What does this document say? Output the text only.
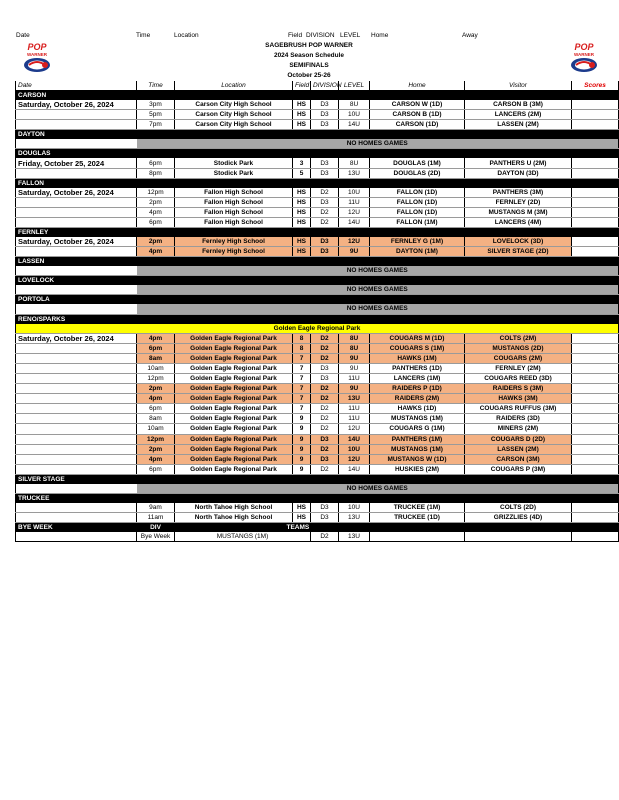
Date	Time	Location	Field DIVISION LEVEL Home	Away
SAGEBRUSH POP WARNER
2024 Season Schedule
SEMIFINALS
October 25-26
POP
WARNER
POP
WARNER
Date	Time	Location	Field	DIVISION	LEVEL	Home	Visitor	Scores
CARSON								
Saturday, October 26, 2024	3pm	Carson City High School	HS	D3	8U	CARSON W (1D)	CARSON B (3M)	
	5pm	Carson City High School	HS	D3	10U	CARSON B (1D)	LANCERS (2M)	
	7pm	Carson City High School	HS	D3	14U	CARSON (1D)	LASSEN (2M)	
DAYTON								
	NO HOMES GAMES							
DOUGLAS								
Friday, October 25, 2024	6pm	Stodick Park	3	D3	8U	DOUGLAS (1M)	PANTHERS U (2M)	
	8pm	Stodick Park	5	D3	13U	DOUGLAS (2D)	DAYTON (3D)	
FALLON								
Saturday, October 26, 2024	12pm	Fallon High School	HS	D2	10U	FALLON (1D)	PANTHERS (3M)	
	2pm	Fallon High School	HS	D3	11U	FALLON (1D)	FERNLEY (2D)	
	4pm	Fallon High School	HS	D2	12U	FALLON (1D)	MUSTANGS M (3M)	
	6pm	Fallon High School	HS	D2	14U	FALLON (1M)	LANCERS (4M)	
FERNLEY								
Saturday, October 26, 2024	2pm	Fernley High School	HS	D3	12U	FERNLEY G (1M)	LOVELOCK (3D)	
	4pm	Fernley High School	HS	D3	9U	DAYTON (1M)	SILVER STAGE (2D)	
LASSEN								
	NO HOMES GAMES							
LOVELOCK								
	NO HOMES GAMES							
PORTOLA								
	NO HOMES GAMES							
RENO/SPARKS								
Golden Eagle Regional Park								
Saturday, October 26, 2024	4pm	Golden Eagle Regional Park	8	D2	8U	COUGARS M (1D)	COLTS (2M)	
	6pm	Golden Eagle Regional Park	8	D2	8U	COUGARS S (1M)	MUSTANGS (2D)	
	8am	Golden Eagle Regional Park	7	D2	9U	HAWKS (1M)	COUGARS (2M)	
	10am	Golden Eagle Regional Park	7	D3	9U	PANTHERS (1D)	FERNLEY (2M)	
	12pm	Golden Eagle Regional Park	7	D3	11U	LANCERS (1M)	COUGARS REED (3D)	
	2pm	Golden Eagle Regional Park	7	D2	9U	RAIDERS P (1D)	RAIDERS S (3M)	
	4pm	Golden Eagle Regional Park	7	D2	13U	RAIDERS (2M)	HAWKS (3M)	
	6pm	Golden Eagle Regional Park	7	D2	11U	HAWKS (1D)	COUGARS RUFFUS (3M)	
	8am	Golden Eagle Regional Park	9	D2	11U	MUSTANGS (1M)	RAIDERS (3D)	
	10am	Golden Eagle Regional Park	9	D2	12U	COUGARS G (1M)	MINERS (2M)	
	12pm	Golden Eagle Regional Park	9	D3	14U	PANTHERS (1M)	COUGARS D (2D)	
	2pm	Golden Eagle Regional Park	9	D2	10U	MUSTANGS (1M)	LASSEN (2M)	
	4pm	Golden Eagle Regional Park	9	D3	12U	MUSTANGS W (1D)	CARSON (3M)	
	6pm	Golden Eagle Regional Park	9	D2	14U	HUSKIES (2M)	COUGARS P (3M)	
SILVER STAGE								
	NO HOMES GAMES							
TRUCKEE								
	9am	North Tahoe High School	HS	D3	10U	TRUCKEE (1M)	COLTS (2D)	
	11am	North Tahoe High School	HS	D3	13U	TRUCKEE (1D)	GRIZZLIES (4D)	
BYE WEEK	DIV	TEAMS						
	Bye Week	MUSTANGS (1M)		D2	13U			
